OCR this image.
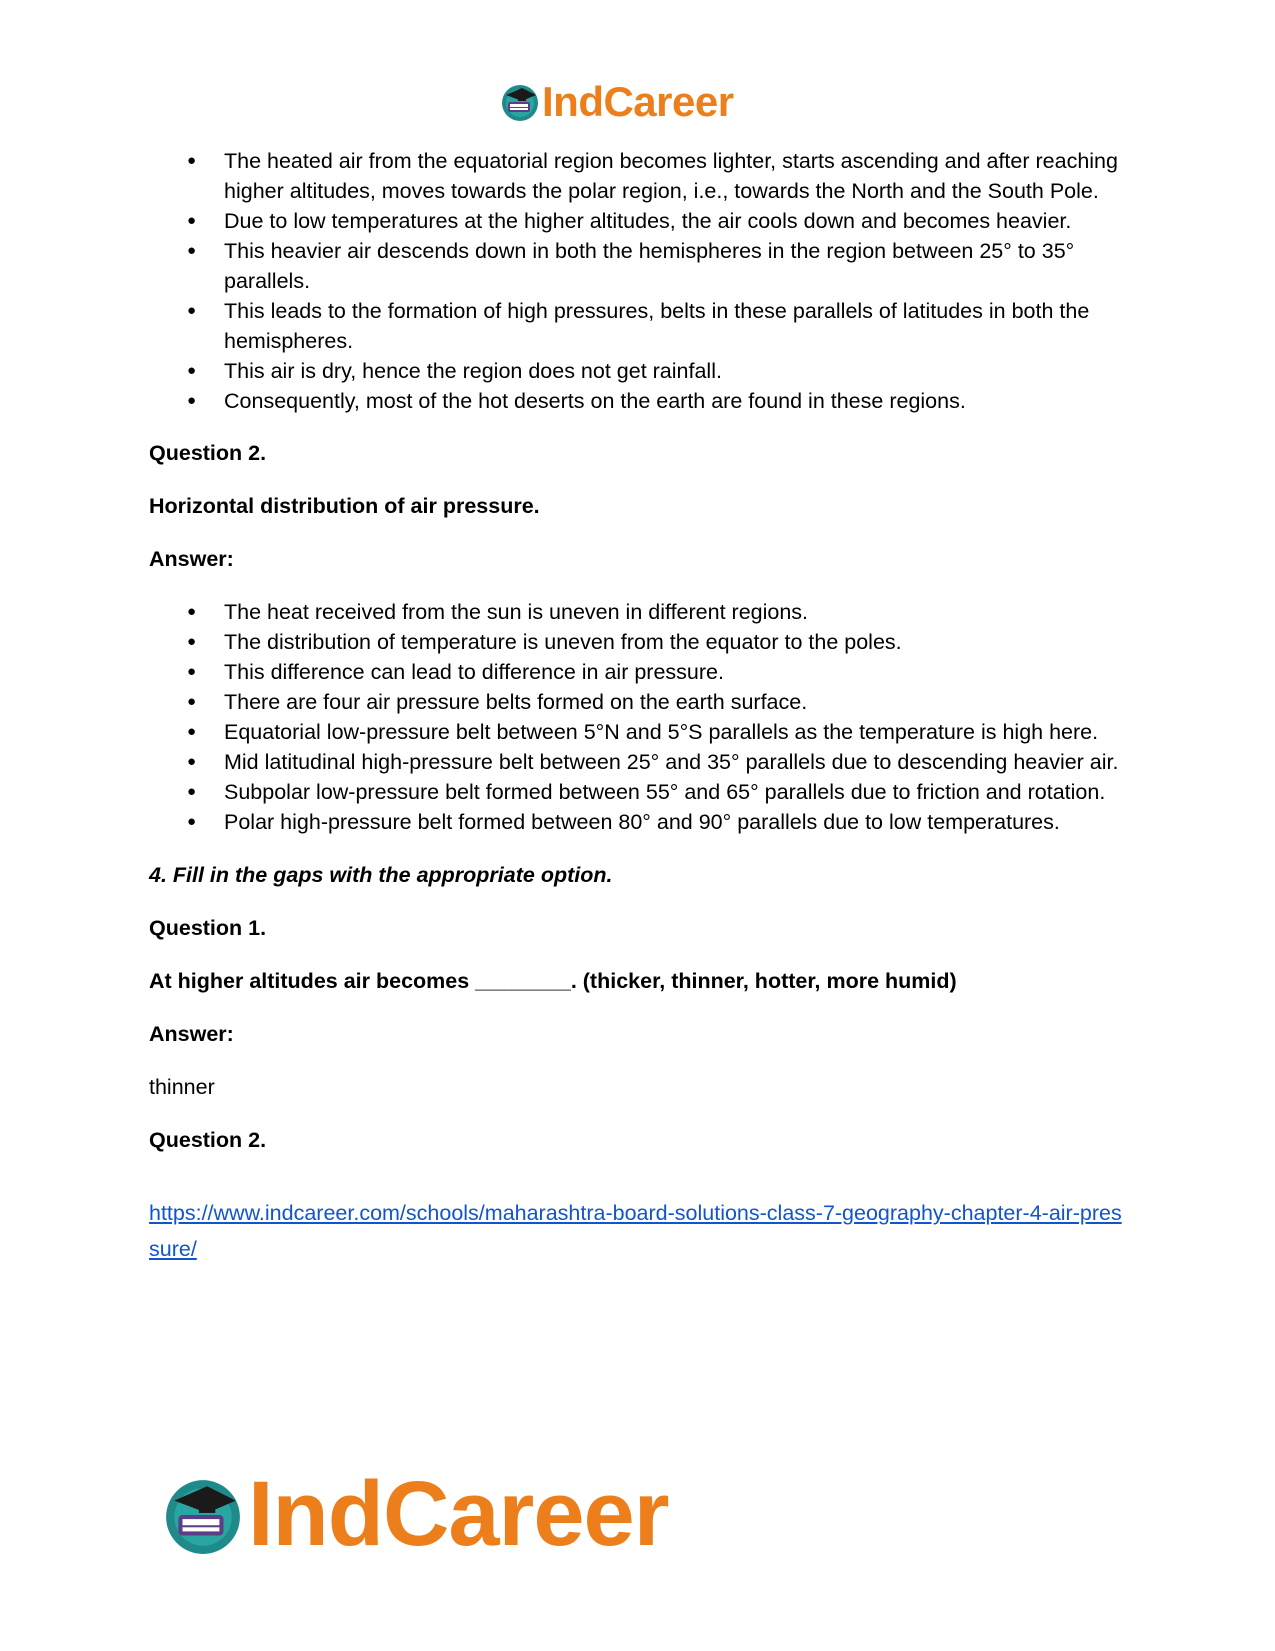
IndCareer
● The heated air from the equatorial region becomes lighter, starts ascending and after reaching higher altitudes, moves towards the polar region, i.e., towards the North and the South Pole.
● Due to low temperatures at the higher altitudes, the air cools down and becomes heavier.
● This heavier air descends down in both the hemispheres in the region between 25° to 35° parallels.
● This leads to the formation of high pressures, belts in these parallels of latitudes in both the hemispheres.
● This air is dry, hence the region does not get rainfall.
● Consequently, most of the hot deserts on the earth are found in these regions.

Question 2.

Horizontal distribution of air pressure.

Answer:

● The heat received from the sun is uneven in different regions.
● The distribution of temperature is uneven from the equator to the poles.
● This difference can lead to difference in air pressure.
● There are four air pressure belts formed on the earth surface.
● Equatorial low-pressure belt between 5°N and 5°S parallels as the temperature is high here.
● Mid latitudinal high-pressure belt between 25° and 35° parallels due to descending heavier air.
● Subpolar low-pressure belt formed between 55° and 65° parallels due to friction and rotation.
● Polar high-pressure belt formed between 80° and 90° parallels due to low temperatures.

4. Fill in the gaps with the appropriate option.

Question 1.

At higher altitudes air becomes ________. (thicker, thinner, hotter, more humid)

Answer:

thinner

Question 2.

https://www.indcareer.com/schools/maharashtra-board-solutions-class-7-geography-chapter-4-air-pressure/
IndCareer
